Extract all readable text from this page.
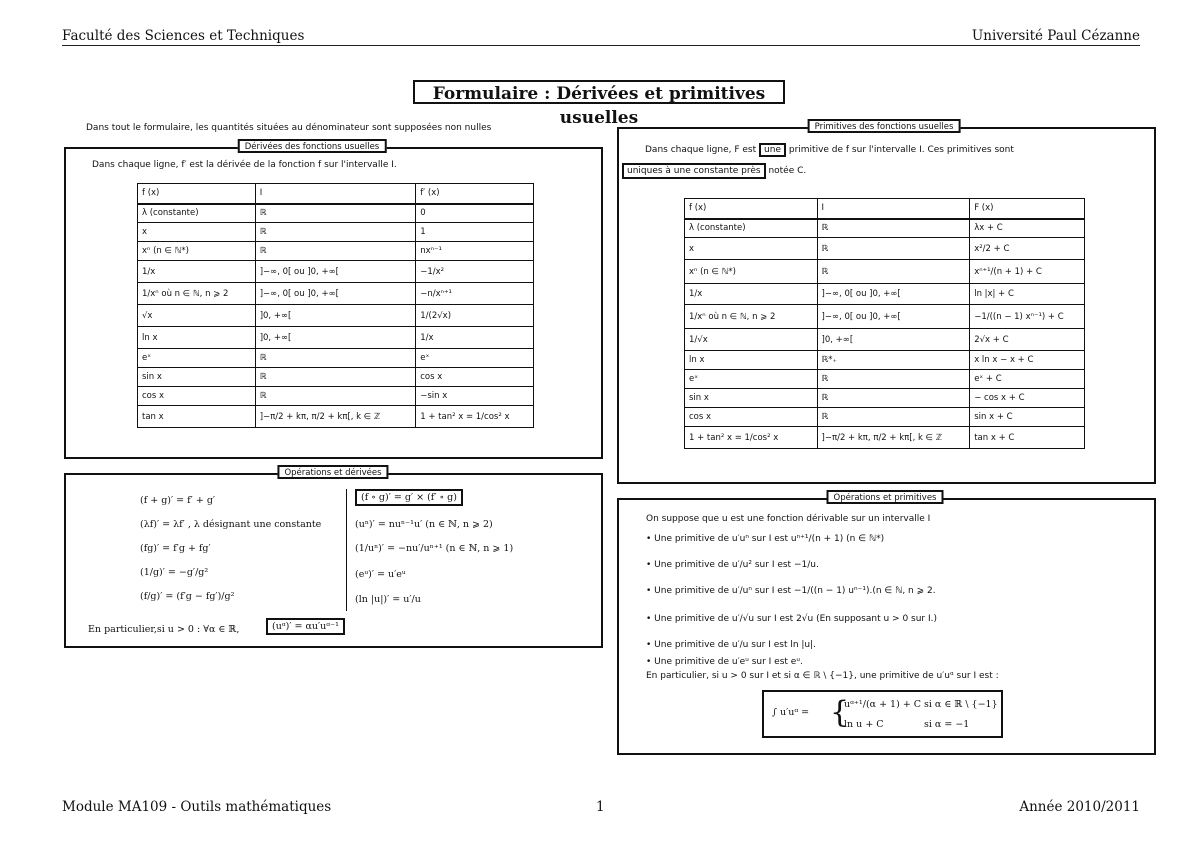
Faculté des Sciences et Techniques	Université Paul Cézanne
Formulaire : Dérivées et primitives usuelles
Dans tout le formulaire, les quantités situées au dénominateur sont supposées non nulles
Dérivées des fonctions usuelles
Dans chaque ligne, f′ est la dérivée de la fonction f sur l'intervalle I.
f (x)	I	f′ (x)
λ (constante)	ℝ	0
x	ℝ	1
xⁿ (n ∈ ℕ*)	ℝ	nxⁿ⁻¹
1/x	]−∞, 0[ ou ]0, +∞[	−1/x²
1/xⁿ où n ∈ ℕ, n ⩾ 2	]−∞, 0[ ou ]0, +∞[	−n/xⁿ⁺¹
√x	]0, +∞[	1/(2√x)
ln x	]0, +∞[	1/x
eˣ	ℝ	eˣ
sin x	ℝ	cos x
cos x	ℝ	−sin x
tan x	]−π/2 + kπ, π/2 + kπ[, k ∈ ℤ	1 + tan² x = 1/cos² x
Opérations et dérivées
(f + g)′ = f′ + g′
(λf)′ = λf′ , λ désignant une constante
(fg)′ = f′g + fg′
(1/g)′ = −g′/g²
(f/g)′ = (f′g − fg′)/g²
(f ∘ g)′ = g′ × (f′ ∘ g)
(uⁿ)′ = nuⁿ⁻¹u′ (n ∈ ℕ, n ⩾ 2)
(1/uⁿ)′ = −nu′/uⁿ⁺¹ (n ∈ ℕ, n ⩾ 1)
(eᵘ)′ = u′eᵘ
(ln |u|)′ = u′/u
En particulier,si u > 0 : ∀α ∈ ℝ,	(uᵅ)′ = αu′uᵅ⁻¹
Primitives des fonctions usuelles
Dans chaque ligne, F est une primitive de f sur l'intervalle I. Ces primitives sont
uniques à une constante près notée C.
f (x)	I	F (x)
λ (constante)	ℝ	λx + C
x	ℝ	x²/2 + C
xⁿ (n ∈ ℕ*)	ℝ	xⁿ⁺¹/(n + 1) + C
1/x	]−∞, 0[ ou ]0, +∞[	ln |x| + C
1/xⁿ où n ∈ ℕ, n ⩾ 2	]−∞, 0[ ou ]0, +∞[	−1/((n − 1) xⁿ⁻¹) + C
1/√x	]0, +∞[	2√x + C
ln x	ℝ*₊	x ln x − x + C
eˣ	ℝ	eˣ + C
sin x	ℝ	− cos x + C
cos x	ℝ	sin x + C
1 + tan² x = 1/cos² x	]−π/2 + kπ, π/2 + kπ[, k ∈ ℤ	tan x + C
Opérations et primitives
On suppose que u est une fonction dérivable sur un intervalle I
• Une primitive de u′uⁿ sur I est uⁿ⁺¹/(n + 1) (n ∈ ℕ*)
• Une primitive de u′/u² sur I est −1/u.
• Une primitive de u′/uⁿ sur I est −1/((n − 1) uⁿ⁻¹).(n ∈ ℕ, n ⩾ 2.
• Une primitive de u′/√u sur I est 2√u (En supposant u > 0 sur I.)
• Une primitive de u′/u sur I est ln |u|.
• Une primitive de u′eᵘ sur I est eᵘ.
En particulier, si u > 0 sur I et si α ∈ ℝ \ {−1}, une primitive de u′uᵅ sur I est :
∫ u′uᵅ = {
uᵅ⁺¹/(α + 1) + C si α ∈ ℝ \ {−1}
ln u + C	si α = −1
Module MA109 - Outils mathématiques	1	Année 2010/2011
